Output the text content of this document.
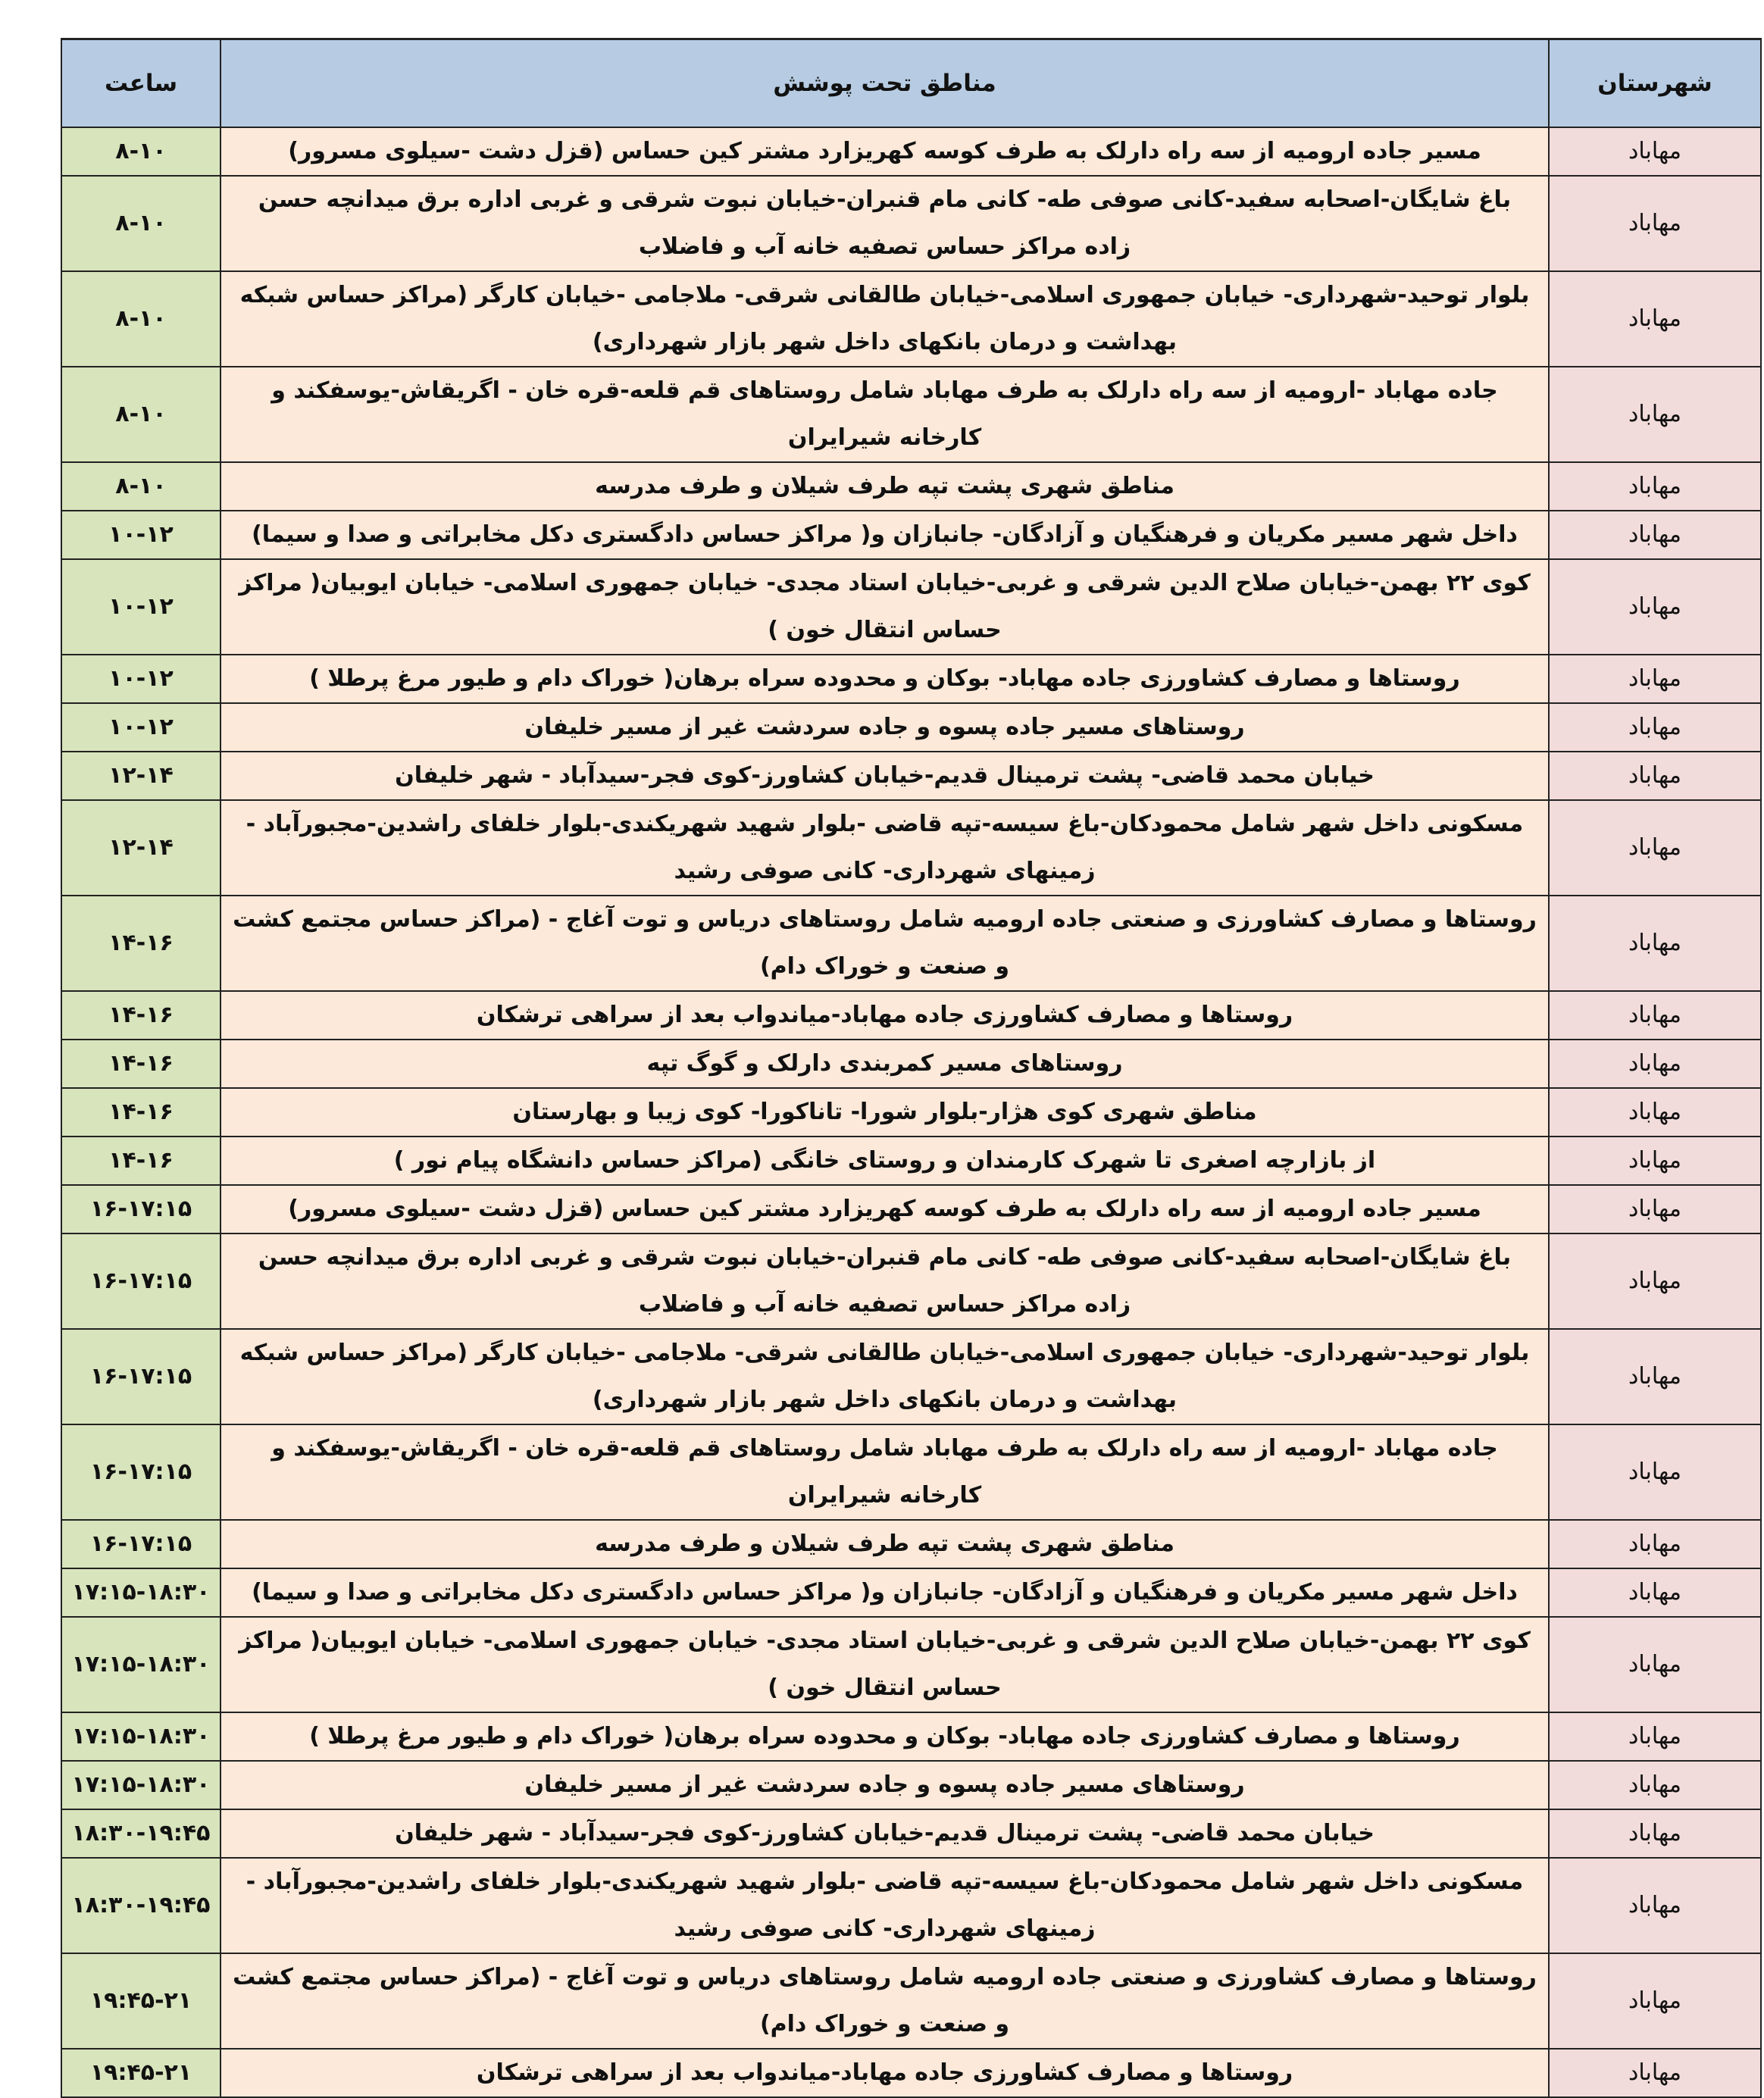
شهرستان	مناطق تحت پوشش	ساعت
مهاباد	مسیر جاده ارومیه از سه راه دارلک به طرف کوسه کهریزارد مشتر کین حساس (قزل دشت -سیلوی مسرور)	۸-۱۰
مهاباد	باغ شایگان-اصحابه سفید-کانی صوفی طه- کانی مام قنبران-خیابان نبوت شرقی و غربی اداره برق میدانچه حسن زاده مراکز حساس تصفیه خانه آب و فاضلاب	۸-۱۰
مهاباد	بلوار توحید-شهرداری- خیابان جمهوری اسلامی-خیابان طالقانی شرقی- ملاجامی -خیابان کارگر (مراکز حساس شبکه بهداشت و درمان بانکهای داخل شهر بازار شهرداری)	۸-۱۰
مهاباد	جاده مهاباد -ارومیه از سه راه دارلک به طرف مهاباد شامل روستاهای قم قلعه-قره خان - اگریقاش-یوسفکند و کارخانه شیرایران	۸-۱۰
مهاباد	مناطق شهری پشت تپه طرف شیلان و طرف مدرسه	۸-۱۰
مهاباد	داخل شهر مسیر مکریان و فرهنگیان و آزادگان- جانبازان و( مراکز حساس دادگستری دکل مخابراتی و صدا و سیما)	۱۰-۱۲
مهاباد	کوی ۲۲ بهمن-خیابان صلاح الدین شرقی و غربی-خیابان استاد مجدی- خیابان جمهوری اسلامی- خیابان ایوبیان( مراکز حساس انتقال خون )	۱۰-۱۲
مهاباد	روستاها و مصارف کشاورزی جاده مهاباد- بوکان و محدوده سراه برهان( خوراک دام و طیور مرغ پرطلا )	۱۰-۱۲
مهاباد	روستاهای مسیر جاده پسوه و جاده سردشت غیر از مسیر خلیفان	۱۰-۱۲
مهاباد	خیابان محمد قاضی- پشت ترمینال قدیم-خیابان کشاورز-کوی فجر-سیدآباد - شهر خلیفان	۱۲-۱۴
مهاباد	مسکونی داخل شهر شامل محمودکان-باغ سیسه-تپه قاضی -بلوار شهید شهریکندی-بلوار خلفای راشدین-مجبورآباد - زمینهای شهرداری- کانی صوفی رشید	۱۲-۱۴
مهاباد	روستاها و مصارف کشاورزی و صنعتی جاده ارومیه شامل روستاهای دریاس و توت آغاج - (مراکز حساس مجتمع کشت و صنعت و خوراک دام)	۱۴-۱۶
مهاباد	روستاها و مصارف کشاورزی جاده مهاباد-میاندواب بعد از سراهی ترشکان	۱۴-۱۶
مهاباد	روستاهای مسیر کمربندی دارلک و گوگ تپه	۱۴-۱۶
مهاباد	مناطق شهری کوی هژار-بلوار شورا- تاناکورا- کوی زیبا و بهارستان	۱۴-۱۶
مهاباد	از بازارچه اصغری تا شهرک کارمندان و روستای خانگی (مراکز حساس دانشگاه پیام نور )	۱۴-۱۶
مهاباد	مسیر جاده ارومیه از سه راه دارلک به طرف کوسه کهریزارد مشتر کین حساس (قزل دشت -سیلوی مسرور)	۱۶-۱۷:۱۵
مهاباد	باغ شایگان-اصحابه سفید-کانی صوفی طه- کانی مام قنبران-خیابان نبوت شرقی و غربی اداره برق میدانچه حسن زاده مراکز حساس تصفیه خانه آب و فاضلاب	۱۶-۱۷:۱۵
مهاباد	بلوار توحید-شهرداری- خیابان جمهوری اسلامی-خیابان طالقانی شرقی- ملاجامی -خیابان کارگر (مراکز حساس شبکه بهداشت و درمان بانکهای داخل شهر بازار شهرداری)	۱۶-۱۷:۱۵
مهاباد	جاده مهاباد -ارومیه از سه راه دارلک به طرف مهاباد شامل روستاهای قم قلعه-قره خان - اگریقاش-یوسفکند و کارخانه شیرایران	۱۶-۱۷:۱۵
مهاباد	مناطق شهری پشت تپه طرف شیلان و طرف مدرسه	۱۶-۱۷:۱۵
مهاباد	داخل شهر مسیر مکریان و فرهنگیان و آزادگان- جانبازان و( مراکز حساس دادگستری دکل مخابراتی و صدا و سیما)	۱۷:۱۵-۱۸:۳۰
مهاباد	کوی ۲۲ بهمن-خیابان صلاح الدین شرقی و غربی-خیابان استاد مجدی- خیابان جمهوری اسلامی- خیابان ایوبیان( مراکز حساس انتقال خون )	۱۷:۱۵-۱۸:۳۰
مهاباد	روستاها و مصارف کشاورزی جاده مهاباد- بوکان و محدوده سراه برهان( خوراک دام و طیور مرغ پرطلا )	۱۷:۱۵-۱۸:۳۰
مهاباد	روستاهای مسیر جاده پسوه و جاده سردشت غیر از مسیر خلیفان	۱۷:۱۵-۱۸:۳۰
مهاباد	خیابان محمد قاضی- پشت ترمینال قدیم-خیابان کشاورز-کوی فجر-سیدآباد - شهر خلیفان	۱۸:۳۰-۱۹:۴۵
مهاباد	مسکونی داخل شهر شامل محمودکان-باغ سیسه-تپه قاضی -بلوار شهید شهریکندی-بلوار خلفای راشدین-مجبورآباد - زمینهای شهرداری- کانی صوفی رشید	۱۸:۳۰-۱۹:۴۵
مهاباد	روستاها و مصارف کشاورزی و صنعتی جاده ارومیه شامل روستاهای دریاس و توت آغاج - (مراکز حساس مجتمع کشت و صنعت و خوراک دام)	۱۹:۴۵-۲۱
مهاباد	روستاها و مصارف کشاورزی جاده مهاباد-میاندواب بعد از سراهی ترشکان	۱۹:۴۵-۲۱
